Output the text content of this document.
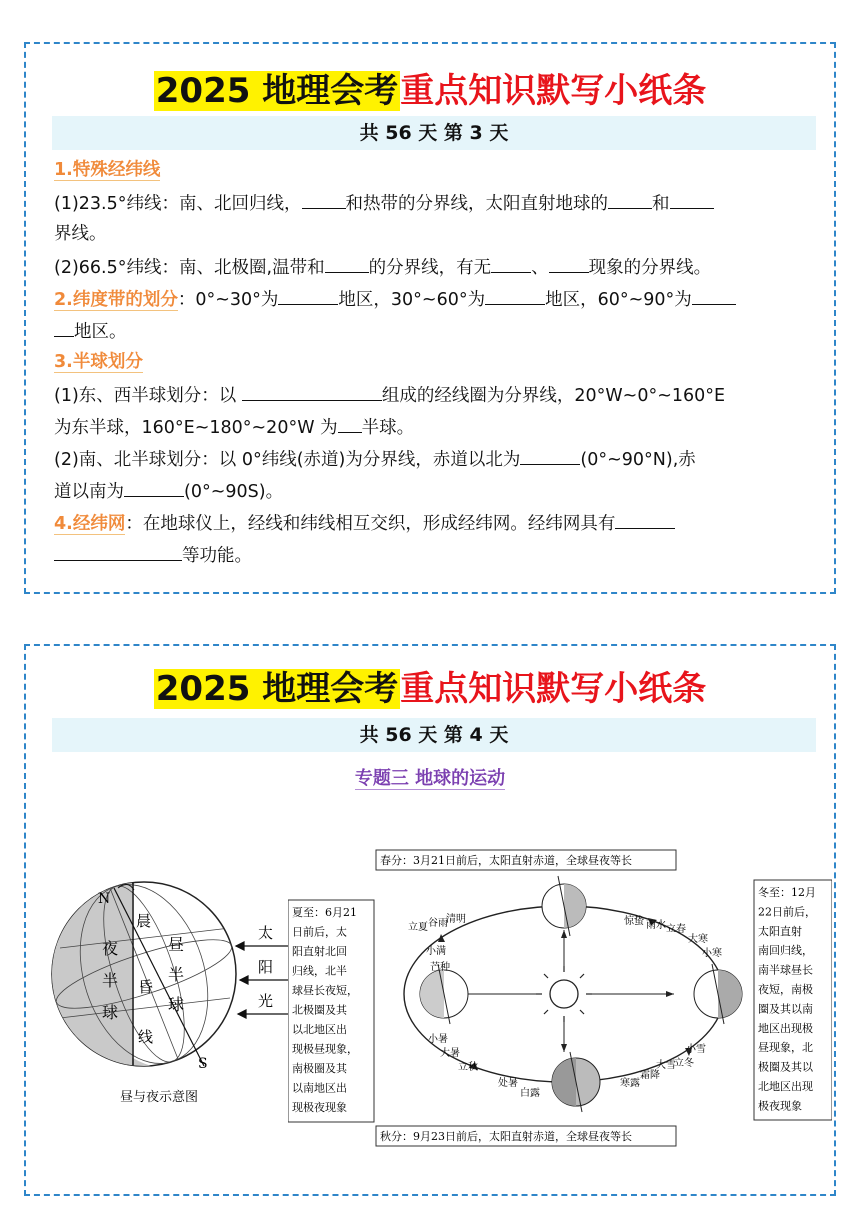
2025 地理会考重点知识默写小纸条
共 56 天 第 3 天
1.特殊经纬线
(1)23.5°纬线：南、北回归线，	和热带的分界线，太阳直射地球的	和
界线。
(2)66.5°纬线：南、北极圈,温带和	的分界线，有无 、 现象的分界线。
2.纬度带的划分：0°~30°为	地区，30°~60°为	地区，60°~90°为
地区。
3.半球划分
(1)东、西半球划分：以	组成的经线圈为分界线，20°W~0°~160°E
为东半球，160°E~180°~20°W 为 半球。
(2)南、北半球划分：以 0°纬线(赤道)为分界线，赤道以北为	(0°~90°N),赤
道以南为	(0°~90S)。
4.经纬网：在地球仪上，经线和纬线相互交织，形成经纬网。经纬网具有
等功能。
2025 地理会考重点知识默写小纸条
共 56 天 第 4 天
专题三 地球的运动
N
S
夜
半
球
晨
昏
线
昼
半
球
太
阳
光
昼与夜示意图
春分：3月21日前后，太阳直射赤道，全球昼夜等长
秋分：9月23日前后，太阳直射赤道，全球昼夜等长
夏至：6月21
日前后，太
阳直射北回
归线，北半
球昼长夜短，
北极圈及其
以北地区出
现极昼现象，
南极圈及其
以南地区出
现极夜现象
冬至：12月
22日前后，
太阳直射
南回归线，
南半球昼长
夜短，南极
圈及其以南
地区出现极
昼现象，北
极圈及其以
北地区出现
极夜现象
立夏 谷雨
清明	惊蛰 雨水 立春
小满
芒种
小暑
大暑
立秋
大寒
小寒
小雪
立冬
处暑
白露
寒露
霜降
大雪
